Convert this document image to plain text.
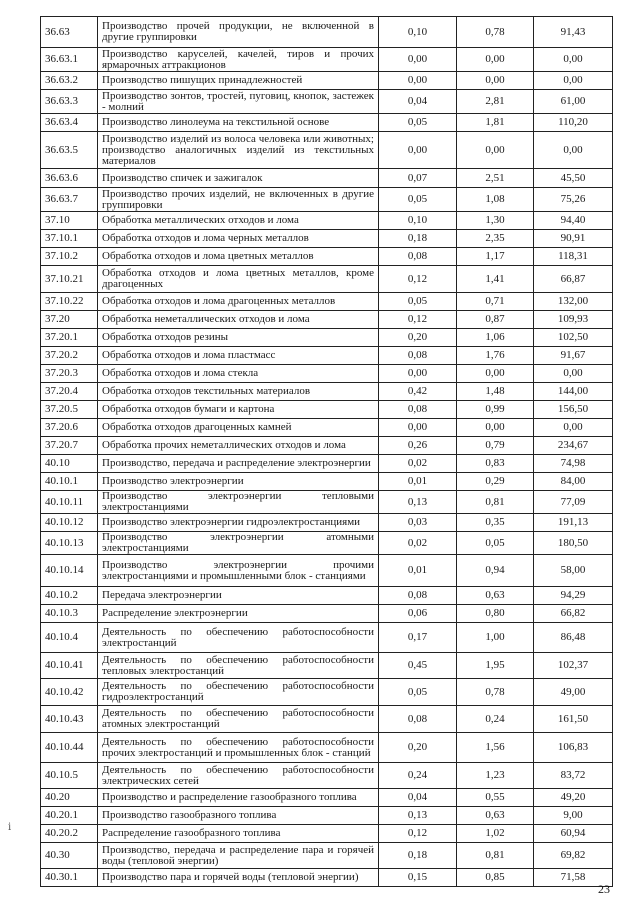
36.63	Производство прочей продукции, не включенной в другие группировки	0,10	0,78	91,43
36.63.1	Производство каруселей, качелей, тиров и прочих ярмарочных аттракционов	0,00	0,00	0,00
36.63.2	Производство пишущих принадлежностей	0,00	0,00	0,00
36.63.3	Производство зонтов, тростей, пуговиц, кнопок, застежек - молний	0,04	2,81	61,00
36.63.4	Производство линолеума на текстильной основе	0,05	1,81	110,20
36.63.5	Производство изделий из волоса человека или животных; производство аналогичных изделий из текстильных материалов	0,00	0,00	0,00
36.63.6	Производство спичек и зажигалок	0,07	2,51	45,50
36.63.7	Производство прочих изделий, не включенных в другие группировки	0,05	1,08	75,26
37.10	Обработка металлических отходов и лома	0,10	1,30	94,40
37.10.1	Обработка отходов и лома черных металлов	0,18	2,35	90,91
37.10.2	Обработка отходов и лома цветных металлов	0,08	1,17	118,31
37.10.21	Обработка отходов и лома цветных металлов, кроме драгоценных	0,12	1,41	66,87
37.10.22	Обработка отходов и лома драгоценных металлов	0,05	0,71	132,00
37.20	Обработка неметаллических отходов и лома	0,12	0,87	109,93
37.20.1	Обработка отходов резины	0,20	1,06	102,50
37.20.2	Обработка отходов и лома пластмасс	0,08	1,76	91,67
37.20.3	Обработка отходов и лома стекла	0,00	0,00	0,00
37.20.4	Обработка отходов текстильных материалов	0,42	1,48	144,00
37.20.5	Обработка отходов бумаги и картона	0,08	0,99	156,50
37.20.6	Обработка отходов драгоценных камней	0,00	0,00	0,00
37.20.7	Обработка прочих неметаллических отходов и лома	0,26	0,79	234,67
40.10	Производство, передача и распределение электроэнергии	0,02	0,83	74,98
40.10.1	Производство электроэнергии	0,01	0,29	84,00
40.10.11	Производство электроэнергии тепловыми электростанциями	0,13	0,81	77,09
40.10.12	Производство электроэнергии гидроэлектростанциями	0,03	0,35	191,13
40.10.13	Производство электроэнергии атомными электростанциями	0,02	0,05	180,50
40.10.14	Производство электроэнергии прочими электростанциями и промышленными блок - станциями	0,01	0,94	58,00
40.10.2	Передача электроэнергии	0,08	0,63	94,29
40.10.3	Распределение электроэнергии	0,06	0,80	66,82
40.10.4	Деятельность по обеспечению работоспособности электростанций	0,17	1,00	86,48
40.10.41	Деятельность по обеспечению работоспособности тепловых электростанций	0,45	1,95	102,37
40.10.42	Деятельность по обеспечению работоспособности гидроэлектростанций	0,05	0,78	49,00
40.10.43	Деятельность по обеспечению работоспособности атомных электростанций	0,08	0,24	161,50
40.10.44	Деятельность по обеспечению работоспособности прочих электростанций и промышленных блок - станций	0,20	1,56	106,83
40.10.5	Деятельность по обеспечению работоспособности электрических сетей	0,24	1,23	83,72
40.20	Производство и распределение газообразного топлива	0,04	0,55	49,20
40.20.1	Производство газообразного топлива	0,13	0,63	9,00
40.20.2	Распределение газообразного топлива	0,12	1,02	60,94
40.30	Производство, передача и распределение пара и горячей воды (тепловой энергии)	0,18	0,81	69,82
40.30.1	Производство пара и горячей воды (тепловой энергии)	0,15	0,85	71,58
ⅰ
23
